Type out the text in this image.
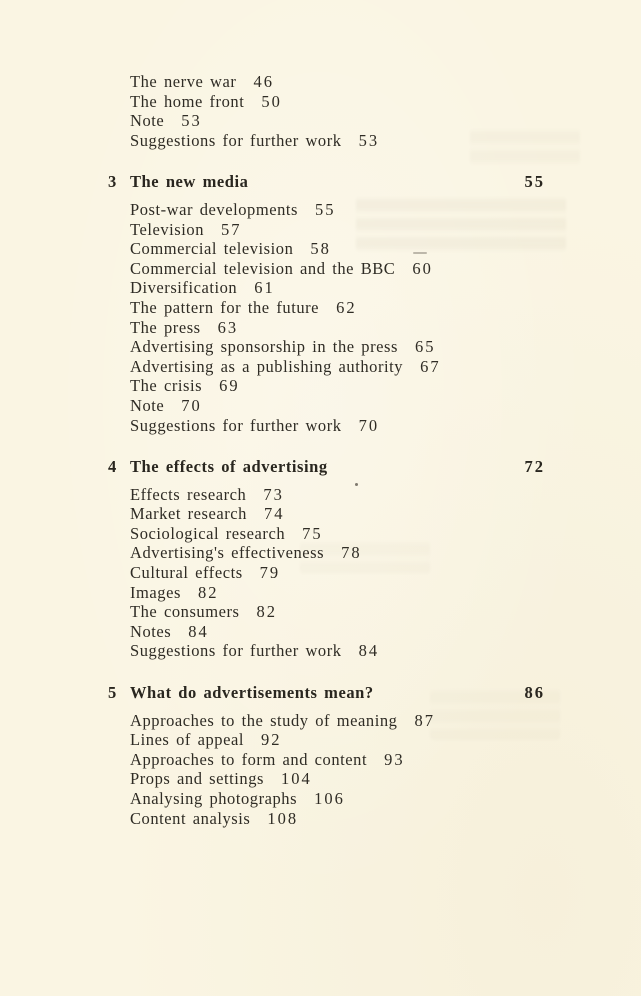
The nerve war 46
The home front 50
Note 53
Suggestions for further work 53
3 The new media	55
Post-war developments 55
Television 57
Commercial television 58
Commercial television and the BBC 60
Diversification 61
The pattern for the future 62
The press 63
Advertising sponsorship in the press 65
Advertising as a publishing authority 67
The crisis 69
Note 70
Suggestions for further work 70
4 The effects of advertising	72
Effects research 73
Market research 74
Sociological research 75
Advertising's effectiveness 78
Cultural effects 79
Images 82
The consumers 82
Notes 84
Suggestions for further work 84
5 What do advertisements mean?	86
Approaches to the study of meaning 87
Lines of appeal 92
Approaches to form and content 93
Props and settings 104
Analysing photographs 106
Content analysis 108
